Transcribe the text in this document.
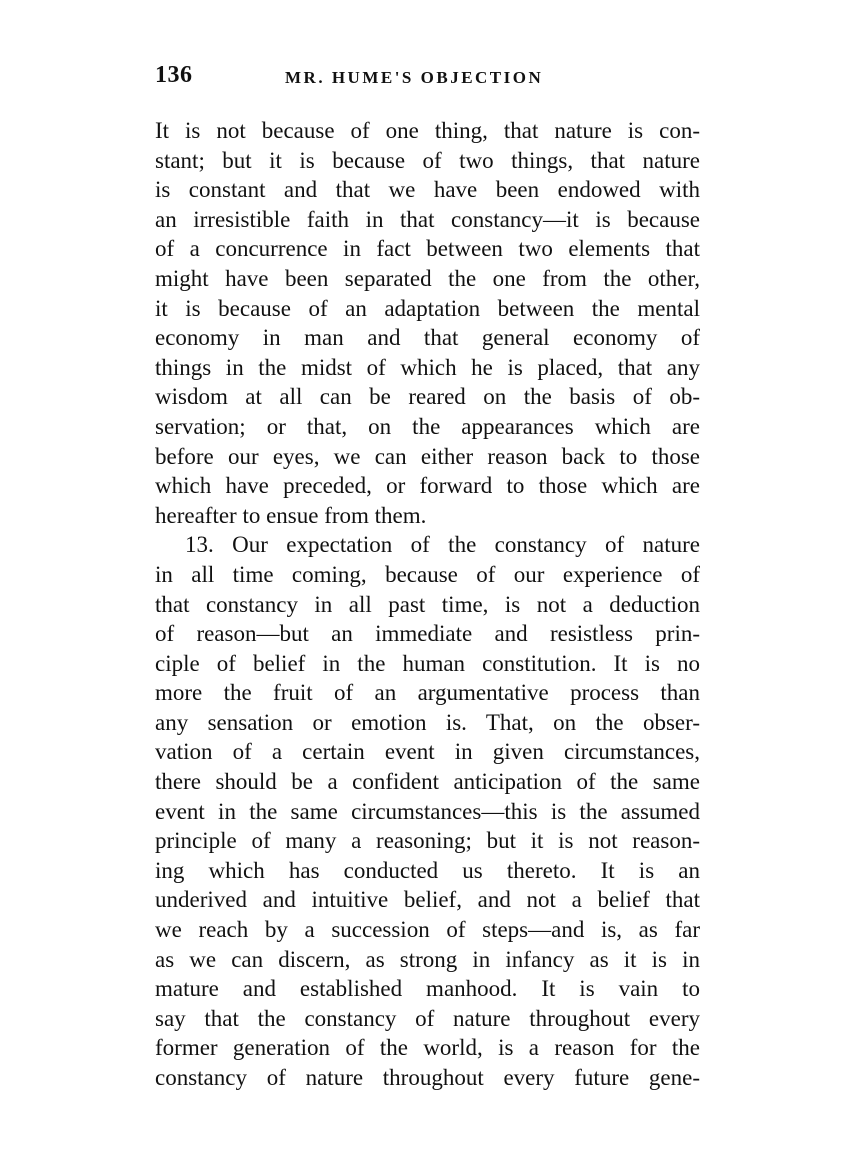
136	MR. HUME'S OBJECTION
It is not because of one thing, that nature is con-
stant; but it is because of two things, that nature
is constant and that we have been endowed with
an irresistible faith in that constancy—it is because
of a concurrence in fact between two elements that
might have been separated the one from the other,
it is because of an adaptation between the mental
economy in man and that general economy of
things in the midst of which he is placed, that any
wisdom at all can be reared on the basis of ob-
servation; or that, on the appearances which are
before our eyes, we can either reason back to those
which have preceded, or forward to those which are
hereafter to ensue from them.
13. Our expectation of the constancy of nature
in all time coming, because of our experience of
that constancy in all past time, is not a deduction
of reason—but an immediate and resistless prin-
ciple of belief in the human constitution. It is no
more the fruit of an argumentative process than
any sensation or emotion is. That, on the obser-
vation of a certain event in given circumstances,
there should be a confident anticipation of the same
event in the same circumstances—this is the assumed
principle of many a reasoning; but it is not reason-
ing which has conducted us thereto. It is an
underived and intuitive belief, and not a belief that
we reach by a succession of steps—and is, as far
as we can discern, as strong in infancy as it is in
mature and established manhood. It is vain to
say that the constancy of nature throughout every
former generation of the world, is a reason for the
constancy of nature throughout every future gene-
